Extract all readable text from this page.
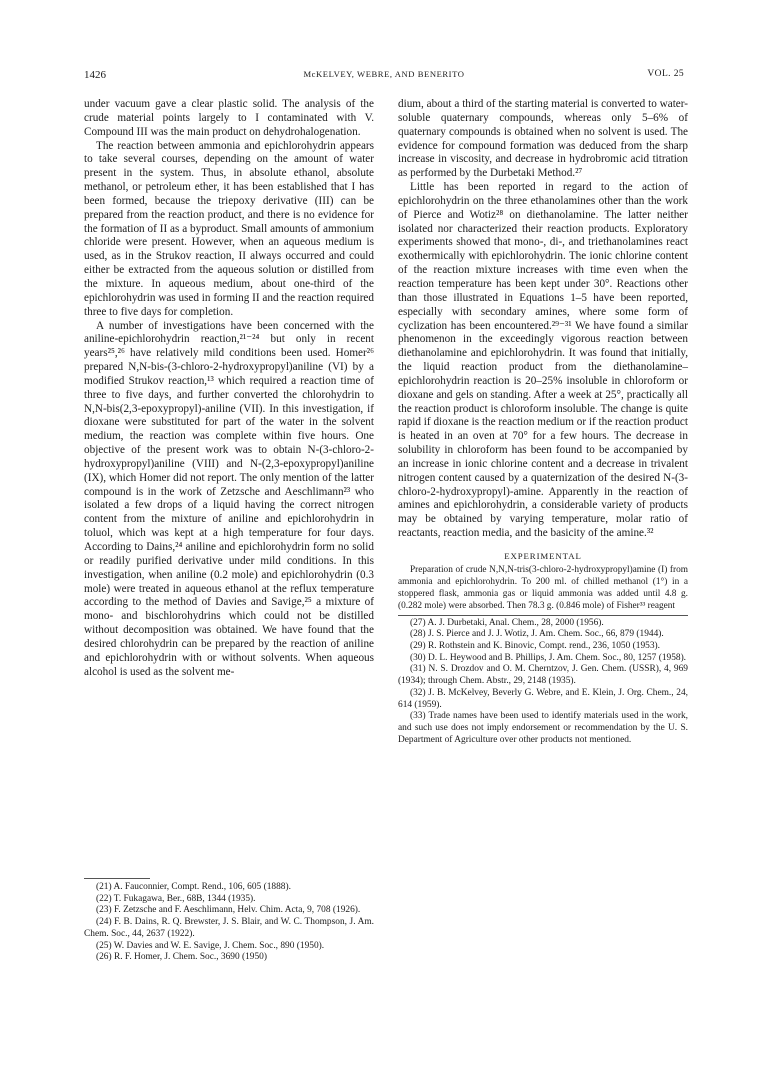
1426	McKELVEY, WEBRE, AND BENERITO	VOL. 25

under vacuum gave a clear plastic solid. The analysis of the crude material points largely to I contaminated with V. Compound III was the main product on dehydrohalogenation.

The reaction between ammonia and epichlorohydrin appears to take several courses, depending on the amount of water present in the system. Thus, in absolute ethanol, absolute methanol, or petroleum ether, it has been established that I has been formed, because the triepoxy derivative (III) can be prepared from the reaction product, and there is no evidence for the formation of II as a byproduct. Small amounts of ammonium chloride were present. However, when an aqueous medium is used, as in the Strukov reaction, II always occurred and could either be extracted from the aqueous solution or distilled from the mixture. In aqueous medium, about one-third of the epichlorohydrin was used in forming II and the reaction required three to five days for completion.

A number of investigations have been concerned with the aniline-epichlorohydrin reaction,²¹⁻²⁴ but only in recent years²⁵,²⁶ have relatively mild conditions been used. Homer²⁶ prepared N,N-bis-(3-chloro-2-hydroxypropyl)aniline (VI) by a modified Strukov reaction,¹³ which required a reaction time of three to five days, and further converted the chlorohydrin to N,N-bis(2,3-epoxypropyl)-aniline (VII). In this investigation, if dioxane were substituted for part of the water in the solvent medium, the reaction was complete within five hours. One objective of the present work was to obtain N-(3-chloro-2-hydroxypropyl)aniline (VIII) and N-(2,3-epoxypropyl)aniline (IX), which Homer did not report. The only mention of the latter compound is in the work of Zetzsche and Aeschlimann²³ who isolated a few drops of a liquid having the correct nitrogen content from the mixture of aniline and epichlorohydrin in toluol, which was kept at a high temperature for four days. According to Dains,²⁴ aniline and epichlorohydrin form no solid or readily purified derivative under mild conditions. In this investigation, when aniline (0.2 mole) and epichlorohydrin (0.3 mole) were treated in aqueous ethanol at the reflux temperature according to the method of Davies and Savige,²⁵ a mixture of mono- and bischlorohydrins which could not be distilled without decomposition was obtained. We have found that the desired chlorohydrin can be prepared by the reaction of aniline and epichlorohydrin with or without solvents. When aqueous alcohol is used as the solvent me-

(21) A. Fauconnier, Compt. Rend., 106, 605 (1888).
(22) T. Fukagawa, Ber., 68B, 1344 (1935).
(23) F. Zetzsche and F. Aeschlimann, Helv. Chim. Acta, 9, 708 (1926).
(24) F. B. Dains, R. Q. Brewster, J. S. Blair, and W. C. Thompson, J. Am. Chem. Soc., 44, 2637 (1922).
(25) W. Davies and W. E. Savige, J. Chem. Soc., 890 (1950).
(26) R. F. Homer, J. Chem. Soc., 3690 (1950)

dium, about a third of the starting material is converted to water-soluble quaternary compounds, whereas only 5–6% of quaternary compounds is obtained when no solvent is used. The evidence for compound formation was deduced from the sharp increase in viscosity, and decrease in hydrobromic acid titration as performed by the Durbetaki Method.²⁷

Little has been reported in regard to the action of epichlorohydrin on the three ethanolamines other than the work of Pierce and Wotiz²⁸ on diethanolamine. The latter neither isolated nor characterized their reaction products. Exploratory experiments showed that mono-, di-, and triethanolamines react exothermically with epichlorohydrin. The ionic chlorine content of the reaction mixture increases with time even when the reaction temperature has been kept under 30°. Reactions other than those illustrated in Equations 1–5 have been reported, especially with secondary amines, where some form of cyclization has been encountered.²⁹⁻³¹ We have found a similar phenomenon in the exceedingly vigorous reaction between diethanolamine and epichlorohydrin. It was found that initially, the liquid reaction product from the diethanolamine–epichlorohydrin reaction is 20–25% insoluble in chloroform or dioxane and gels on standing. After a week at 25°, practically all the reaction product is chloroform insoluble. The change is quite rapid if dioxane is the reaction medium or if the reaction product is heated in an oven at 70° for a few hours. The decrease in solubility in chloroform has been found to be accompanied by an increase in ionic chlorine content and a decrease in trivalent nitrogen content caused by a quaternization of the desired N-(3-chloro-2-hydroxypropyl)-amine. Apparently in the reaction of amines and epichlorohydrin, a considerable variety of products may be obtained by varying temperature, molar ratio of reactants, reaction media, and the basicity of the amine.³²

EXPERIMENTAL

Preparation of crude N,N,N-tris(3-chloro-2-hydroxypropyl)amine (I) from ammonia and epichlorohydrin. To 200 ml. of chilled methanol (1°) in a stoppered flask, ammonia gas or liquid ammonia was added until 4.8 g. (0.282 mole) were absorbed. Then 78.3 g. (0.846 mole) of Fisher³³ reagent

(27) A. J. Durbetaki, Anal. Chem., 28, 2000 (1956).
(28) J. S. Pierce and J. J. Wotiz, J. Am. Chem. Soc., 66, 879 (1944).
(29) R. Rothstein and K. Binovic, Compt. rend., 236, 1050 (1953).
(30) D. L. Heywood and B. Phillips, J. Am. Chem. Soc., 80, 1257 (1958).
(31) N. S. Drozdov and O. M. Cherntzov, J. Gen. Chem. (USSR), 4, 969 (1934); through Chem. Abstr., 29, 2148 (1935).
(32) J. B. McKelvey, Beverly G. Webre, and E. Klein, J. Org. Chem., 24, 614 (1959).
(33) Trade names have been used to identify materials used in the work, and such use does not imply endorsement or recommendation by the U. S. Department of Agriculture over other products not mentioned.
